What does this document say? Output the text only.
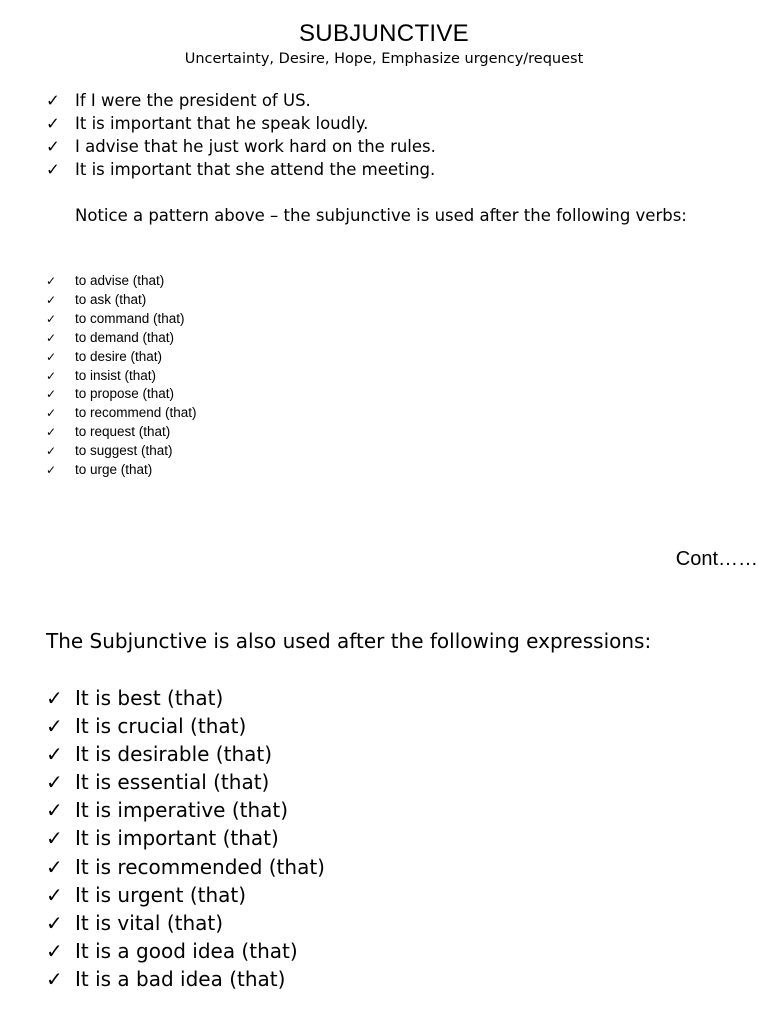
SUBJUNCTIVE
Uncertainty, Desire, Hope, Emphasize urgency/request
✓ If I were the president of US.
✓ It is important that he speak loudly.
✓ I advise that he just work hard on the rules.
✓ It is important that she attend the meeting.
Notice a pattern above – the subjunctive is used after the following verbs:
✓	to advise (that)
✓	to ask (that)
✓	to command (that)
✓	to demand (that)
✓	to desire (that)
✓	to insist (that)
✓	to propose (that)
✓	to recommend (that)
✓	to request (that)
✓	to suggest (that)
✓	to urge (that)
Cont……
The Subjunctive is also used after the following expressions:
✓ It is best (that)
✓ It is crucial (that)
✓ It is desirable (that)
✓ It is essential (that)
✓ It is imperative (that)
✓ It is important (that)
✓ It is recommended (that)
✓ It is urgent (that)
✓ It is vital (that)
✓ It is a good idea (that)
✓ It is a bad idea (that)
